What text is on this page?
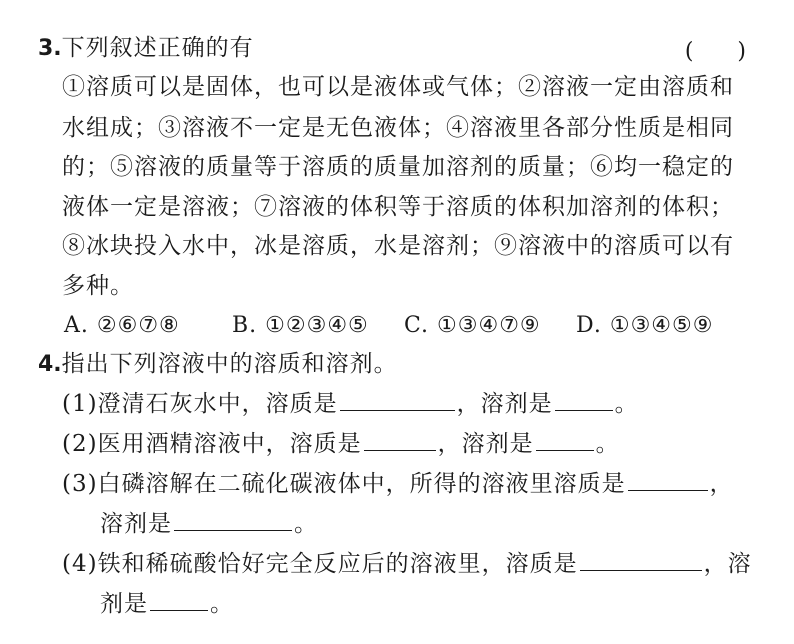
3.下列叙述正确的有	(　　)
①溶质可以是固体，也可以是液体或气体；②溶液一定由溶质和
水组成；③溶液不一定是无色液体；④溶液里各部分性质是相同
的；⑤溶液的质量等于溶质的质量加溶剂的质量；⑥均一稳定的
液体一定是溶液；⑦溶液的体积等于溶质的体积加溶剂的体积；
⑧冰块投入水中，冰是溶质，水是溶剂；⑨溶液中的溶质可以有
多种。
A. ②⑥⑦⑧ B. ①②③④⑤ C. ①③④⑦⑨ D. ①③④⑤⑨
4.指出下列溶液中的溶质和溶剂。
(1)澄清石灰水中，溶质是	，溶剂是	。
(2)医用酒精溶液中，溶质是	，溶剂是	。
(3)白磷溶解在二硫化碳液体中，所得的溶液里溶质是	，
溶剂是	。
(4)铁和稀硫酸恰好完全反应后的溶液里，溶质是	，溶
剂是	。
